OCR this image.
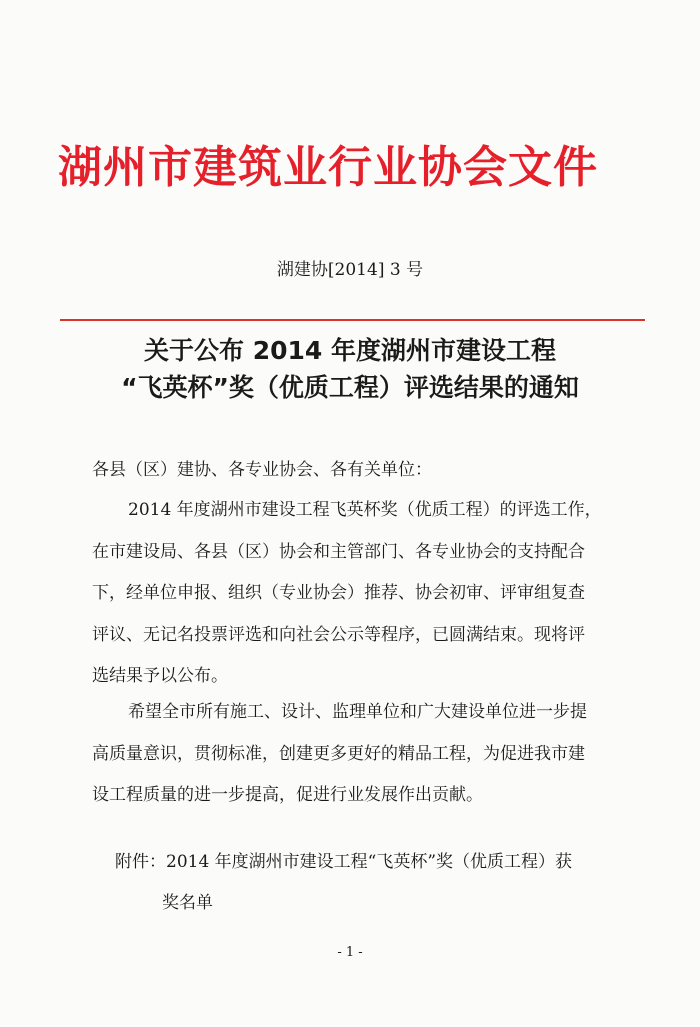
湖州市建筑业行业协会文件
湖建协[2014] 3 号
关于公布 2014 年度湖州市建设工程
“飞英杯”奖（优质工程）评选结果的通知
各县（区）建协、各专业协会、各有关单位：
2014 年度湖州市建设工程飞英杯奖（优质工程）的评选工作，
在市建设局、各县（区）协会和主管部门、各专业协会的支持配合
下，经单位申报、组织（专业协会）推荐、协会初审、评审组复查
评议、无记名投票评选和向社会公示等程序，已圆满结束。现将评
选结果予以公布。
希望全市所有施工、设计、监理单位和广大建设单位进一步提
高质量意识，贯彻标准，创建更多更好的精品工程，为促进我市建
设工程质量的进一步提高，促进行业发展作出贡献。
附件：2014 年度湖州市建设工程“飞英杯”奖（优质工程）获
奖名单
- 1 -
